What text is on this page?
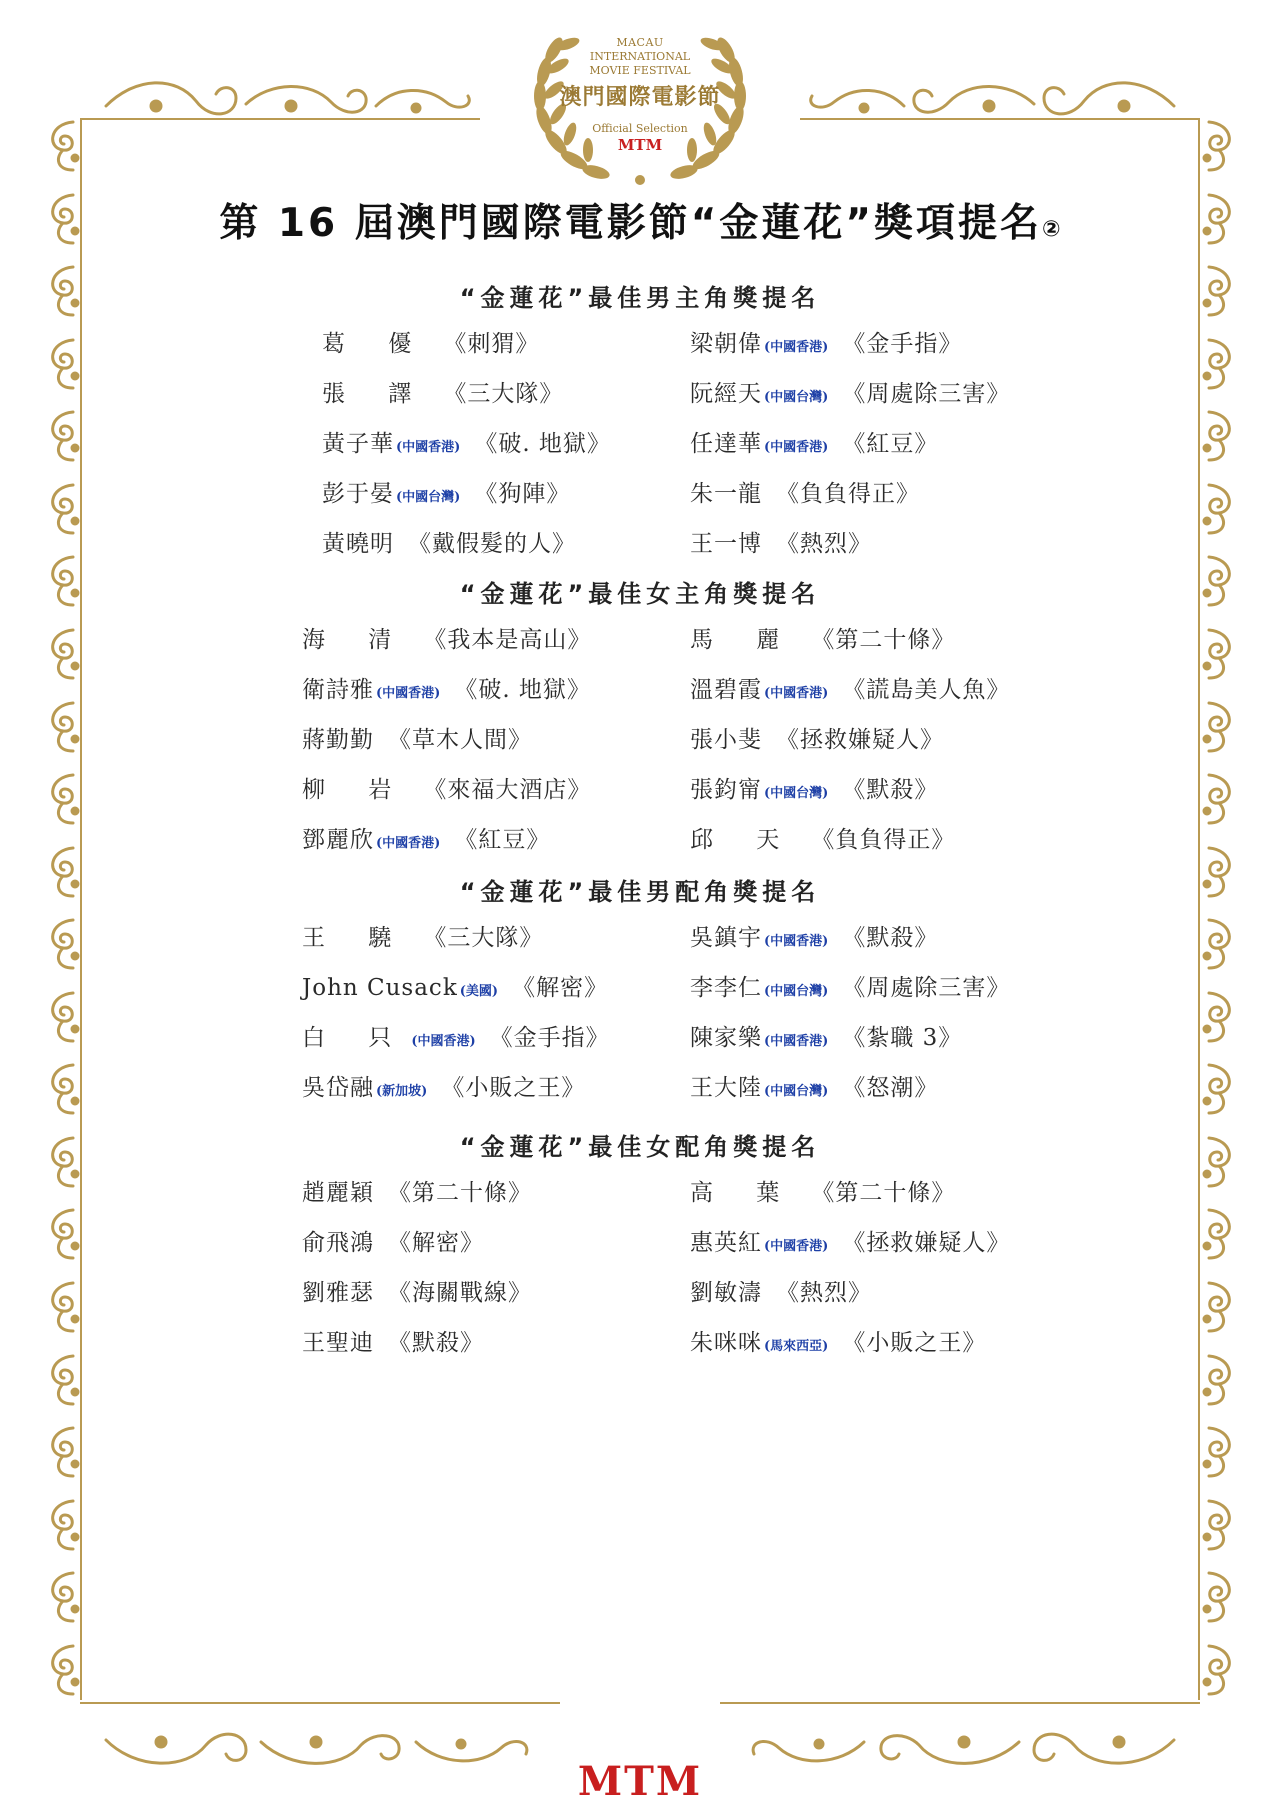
MACAU
INTERNATIONAL
MOVIE FESTIVAL
澳門國際電影節
Official Selection
MTM
第 16 屆澳門國際電影節“金蓮花”獎項提名②
“金蓮花”最佳男主角獎提名
葛 優 《刺猬》
張 譯 《三大隊》
黃子華 (中國香港) 《破. 地獄》
彭于晏 (中國台灣) 《狗陣》
黃曉明 《戴假髮的人》
梁朝偉 (中國香港) 《金手指》
阮經天 (中國台灣) 《周處除三害》
任達華 (中國香港) 《紅豆》
朱一龍 《負負得正》
王一博 《熱烈》
“金蓮花”最佳女主角獎提名
海 清 《我本是高山》
衛詩雅 (中國香港) 《破. 地獄》
蔣勤勤 《草木人間》
柳 岩 《來福大酒店》
鄧麗欣 (中國香港) 《紅豆》
馬 麗 《第二十條》
溫碧霞 (中國香港) 《謊島美人魚》
張小斐 《拯救嫌疑人》
張鈞甯 (中國台灣) 《默殺》
邱 天 《負負得正》
“金蓮花”最佳男配角獎提名
王 驍 《三大隊》
John Cusack (美國) 《解密》
白 只 (中國香港) 《金手指》
吳岱融 (新加坡) 《小販之王》
吳鎮宇 (中國香港) 《默殺》
李李仁 (中國台灣) 《周處除三害》
陳家樂 (中國香港) 《紮職 3》
王大陸 (中國台灣) 《怒潮》
“金蓮花”最佳女配角獎提名
趙麗穎 《第二十條》
俞飛鴻 《解密》
劉雅瑟 《海關戰線》
王聖迪 《默殺》
高 葉 《第二十條》
惠英紅 (中國香港) 《拯救嫌疑人》
劉敏濤 《熱烈》
朱咪咪 (馬來西亞) 《小販之王》
MTM
